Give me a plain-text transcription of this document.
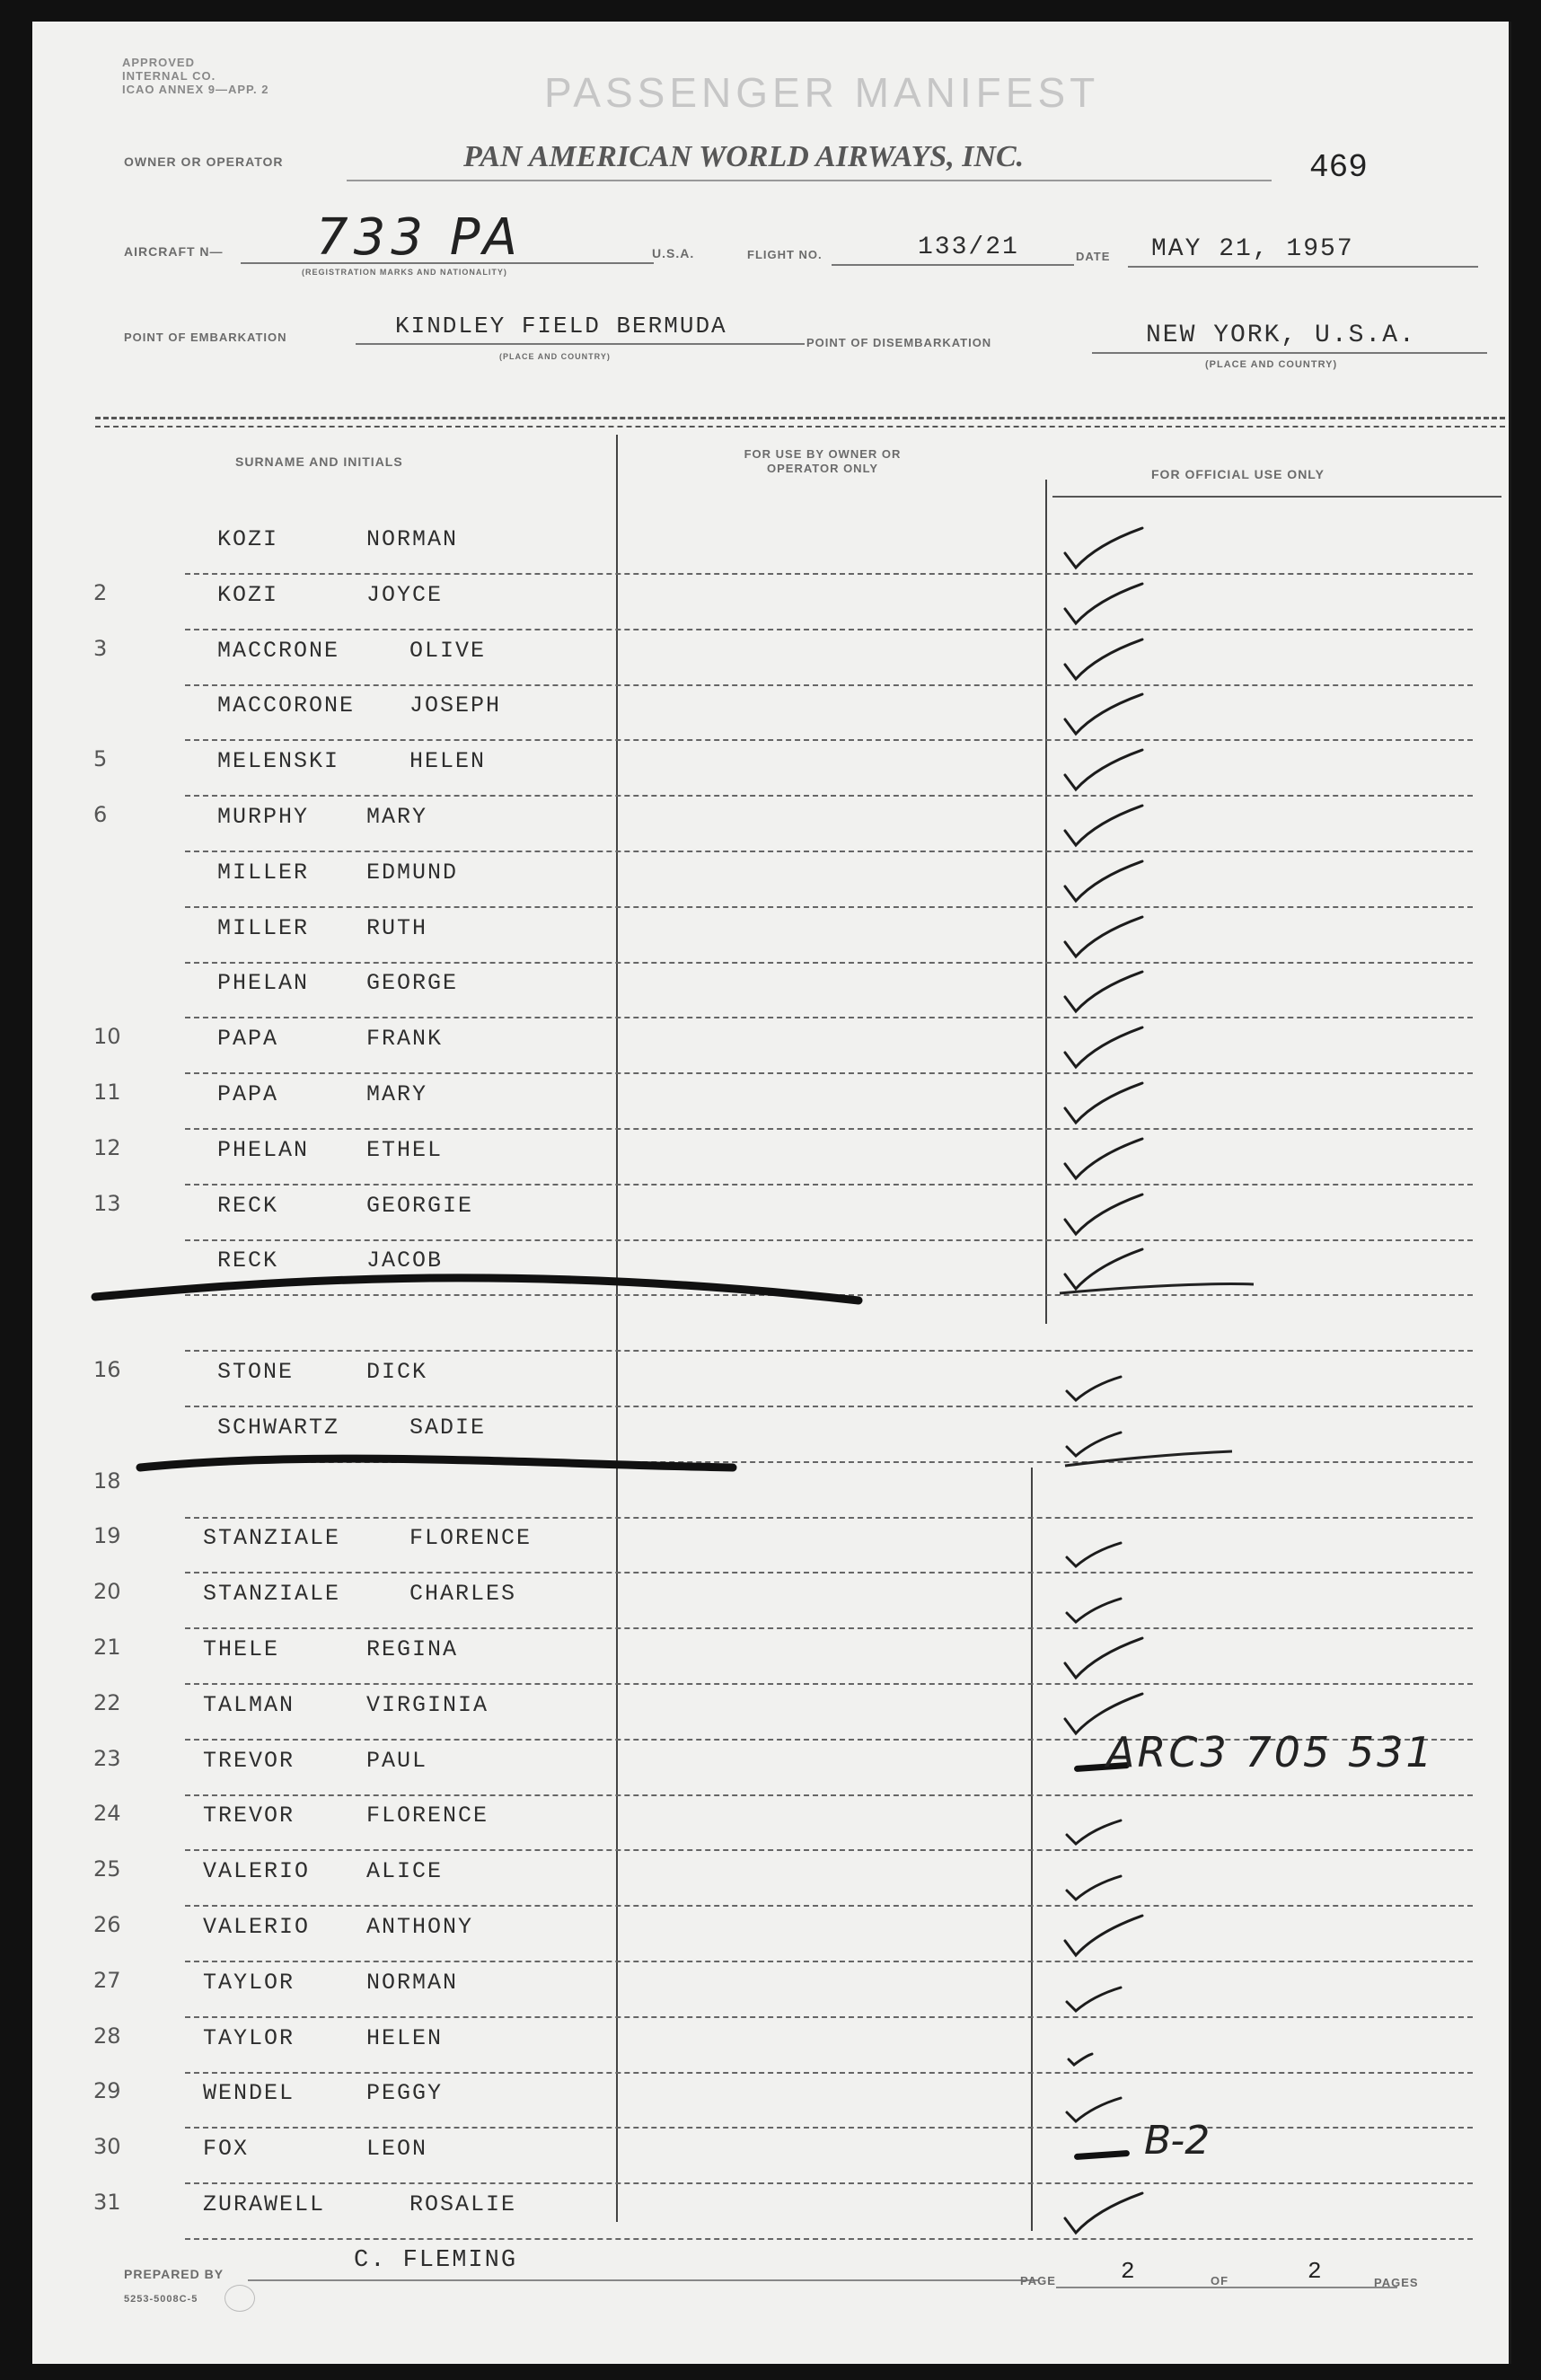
APPROVED
INTERNAL CO.
ICAO ANNEX 9—APP. 2	PASSENGER MANIFEST
469
OWNER OR OPERATOR	PAN AMERICAN WORLD AIRWAYS, INC.
AIRCRAFT N— 733 PA
(REGISTRATION MARKS AND NATIONALITY)
U.S.A.	FLIGHT NO.	133/21	DATE MAY 21, 1957
POINT OF EMBARKATION	KINDLEY FIELD BERMUDA
(PLACE AND COUNTRY)
POINT OF DISEMBARKATION	NEW YORK, U.S.A.
(PLACE AND COUNTRY)
SURNAME AND INITIALS
FOR USE BY OWNER OR OPERATOR ONLY	FOR OFFICIAL USE ONLY
KOZI	NORMAN
2	KOZI	JOYCE
3	MACCRONE	OLIVE
MACCORONE JOSEPH
5	MELENSKI	HELEN
6	MURPHY	MARY
MILLER	EDMUND
MILLER	RUTH
PHELAN	GEORGE
10	PAPA	FRANK
11	PAPA	MARY
12	PHELAN	ETHEL
13	RECK	GEORGIE
RECK	JACOB
16	STONE	DICK
SCHWARTZ	SADIE
18
19	STANZIALE	FLORENCE
20	STANZIALE	CHARLES
21	THELE	REGINA
22	TALMAN	VIRGINIA
23	TREVOR	PAUL
24	TREVOR	FLORENCE
25	VALERIO	ALICE
26	VALERIO	ANTHONY
27	TAYLOR	NORMAN
28	TAYLOR	HELEN
29	WENDEL	PEGGY
30	FOX	LEON
31	ZURAWELL	ROSALIE
ARC3 705 531
B-2
PREPARED BY	C. FLEMING
5253-5008C-5
PAGE	2	OF	2	PAGES
